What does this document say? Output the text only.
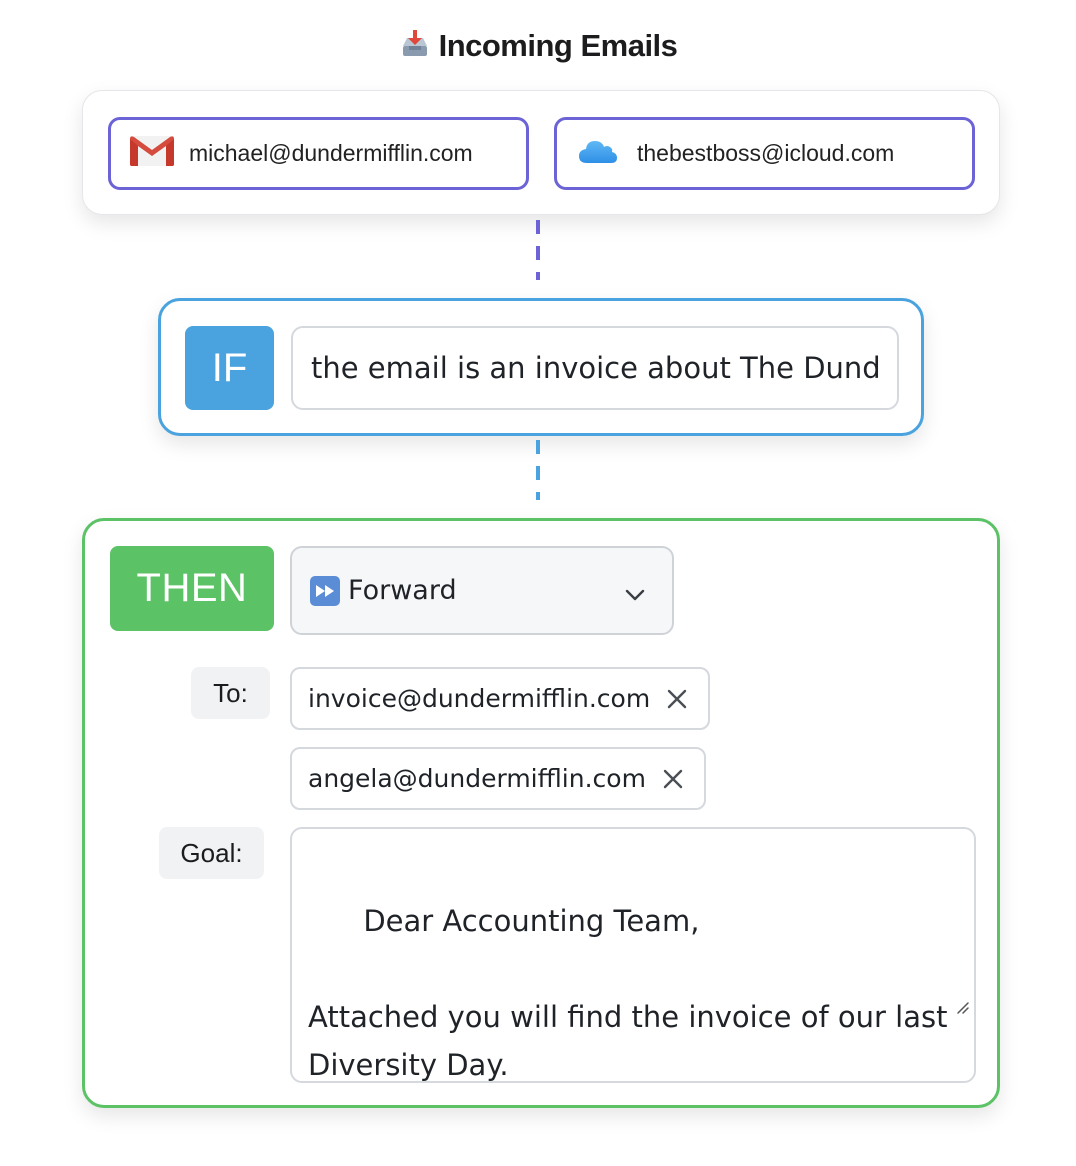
Incoming Emails
michael@dundermifflin.com	thebestboss@icloud.com
IF	the email is an invoice about The Dund
THEN	Forward
To:	invoice@dundermifflin.com
angela@dundermifflin.com
Goal:

Dear Accounting Team,

Attached you will find the invoice of our last Diversity Day.
